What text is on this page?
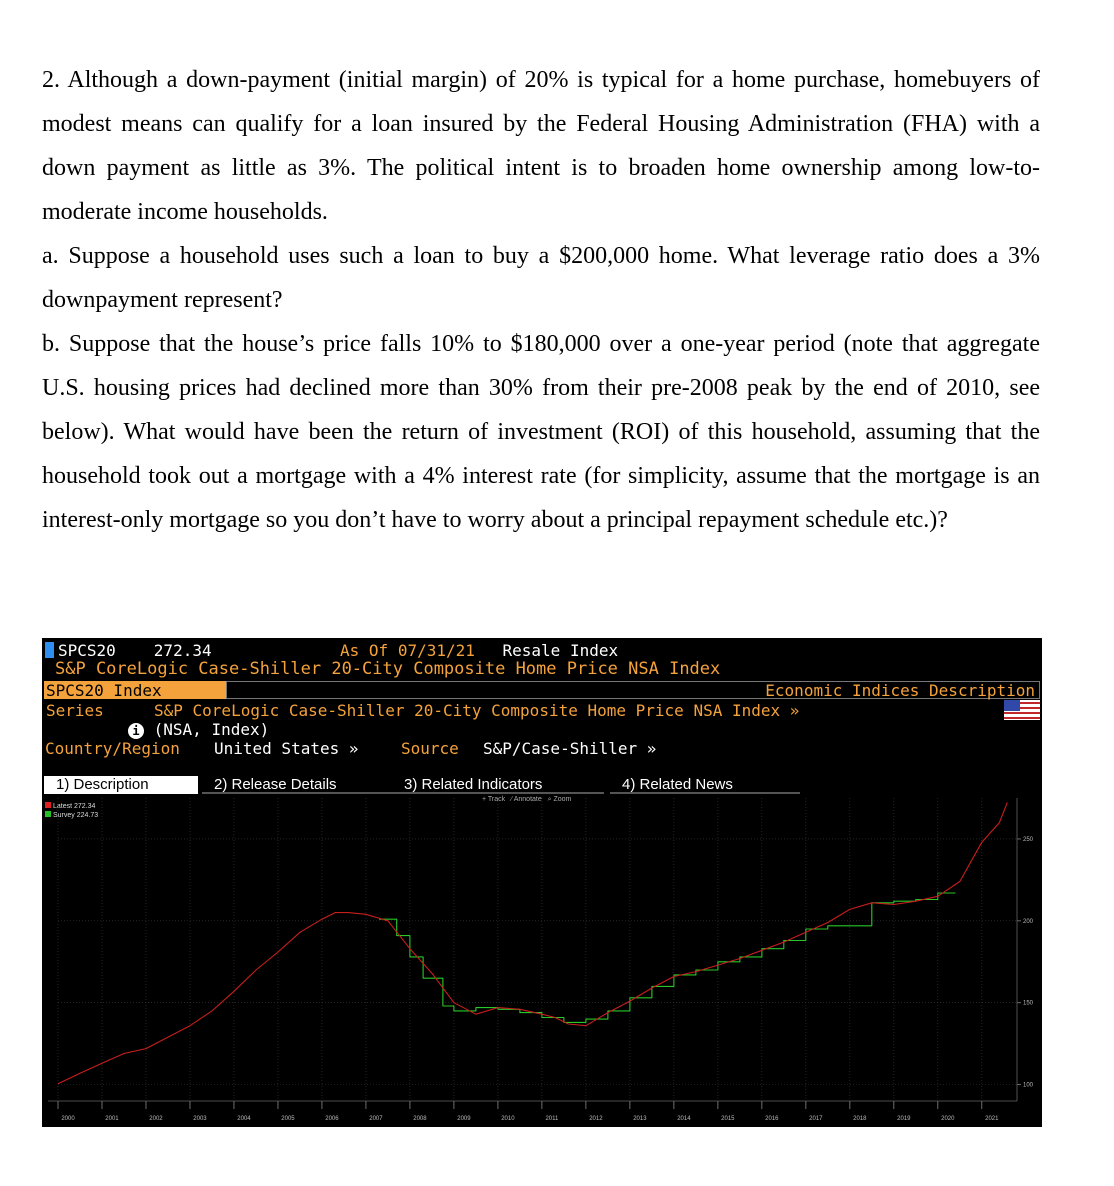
2. Although a down-payment (initial margin) of 20% is typical for a home purchase, homebuyers of modest means can qualify for a loan insured by the Federal Housing Administration (FHA) with a down payment as little as 3%. The political intent is to broaden home ownership among low-to-moderate income households.

a. Suppose a household uses such a loan to buy a $200,000 home. What leverage ratio does a 3% downpayment represent?

b. Suppose that the house’s price falls 10% to $180,000 over a one-year period (note that aggregate U.S. housing prices had declined more than 30% from their pre-2008 peak by the end of 2010, see below). What would have been the return of investment (ROI) of this household, assuming that the household took out a mortgage with a 4% interest rate (for simplicity, assume that the mortgage is an interest-only mortgage so you don’t have to worry about a principal repayment schedule etc.)?

SPCS20 272.34	As Of 07/31/21 Resale Index
S&P CoreLogic Case-Shiller 20-City Composite Home Price NSA Index
SPCS20 Index	Economic Indices Description
Series	S&P CoreLogic Case-Shiller 20-City Composite Home Price NSA Index »
i (NSA, Index)
Country/Region United States »	Source S&P/Case-Shiller »
1) Description	2) Release Details	3) Related Indicators	4) Related News
+ Track ∕ Annotate ⌕ Zoom
Latest 272.34
Survey 224.73
2000	2001	2002	2003	2004	2005	2006	2007	2008	2009	2010	2011	2012	2013	2014	2015	2016	2017	2018	2019	2020	2021
100
150
200
250
